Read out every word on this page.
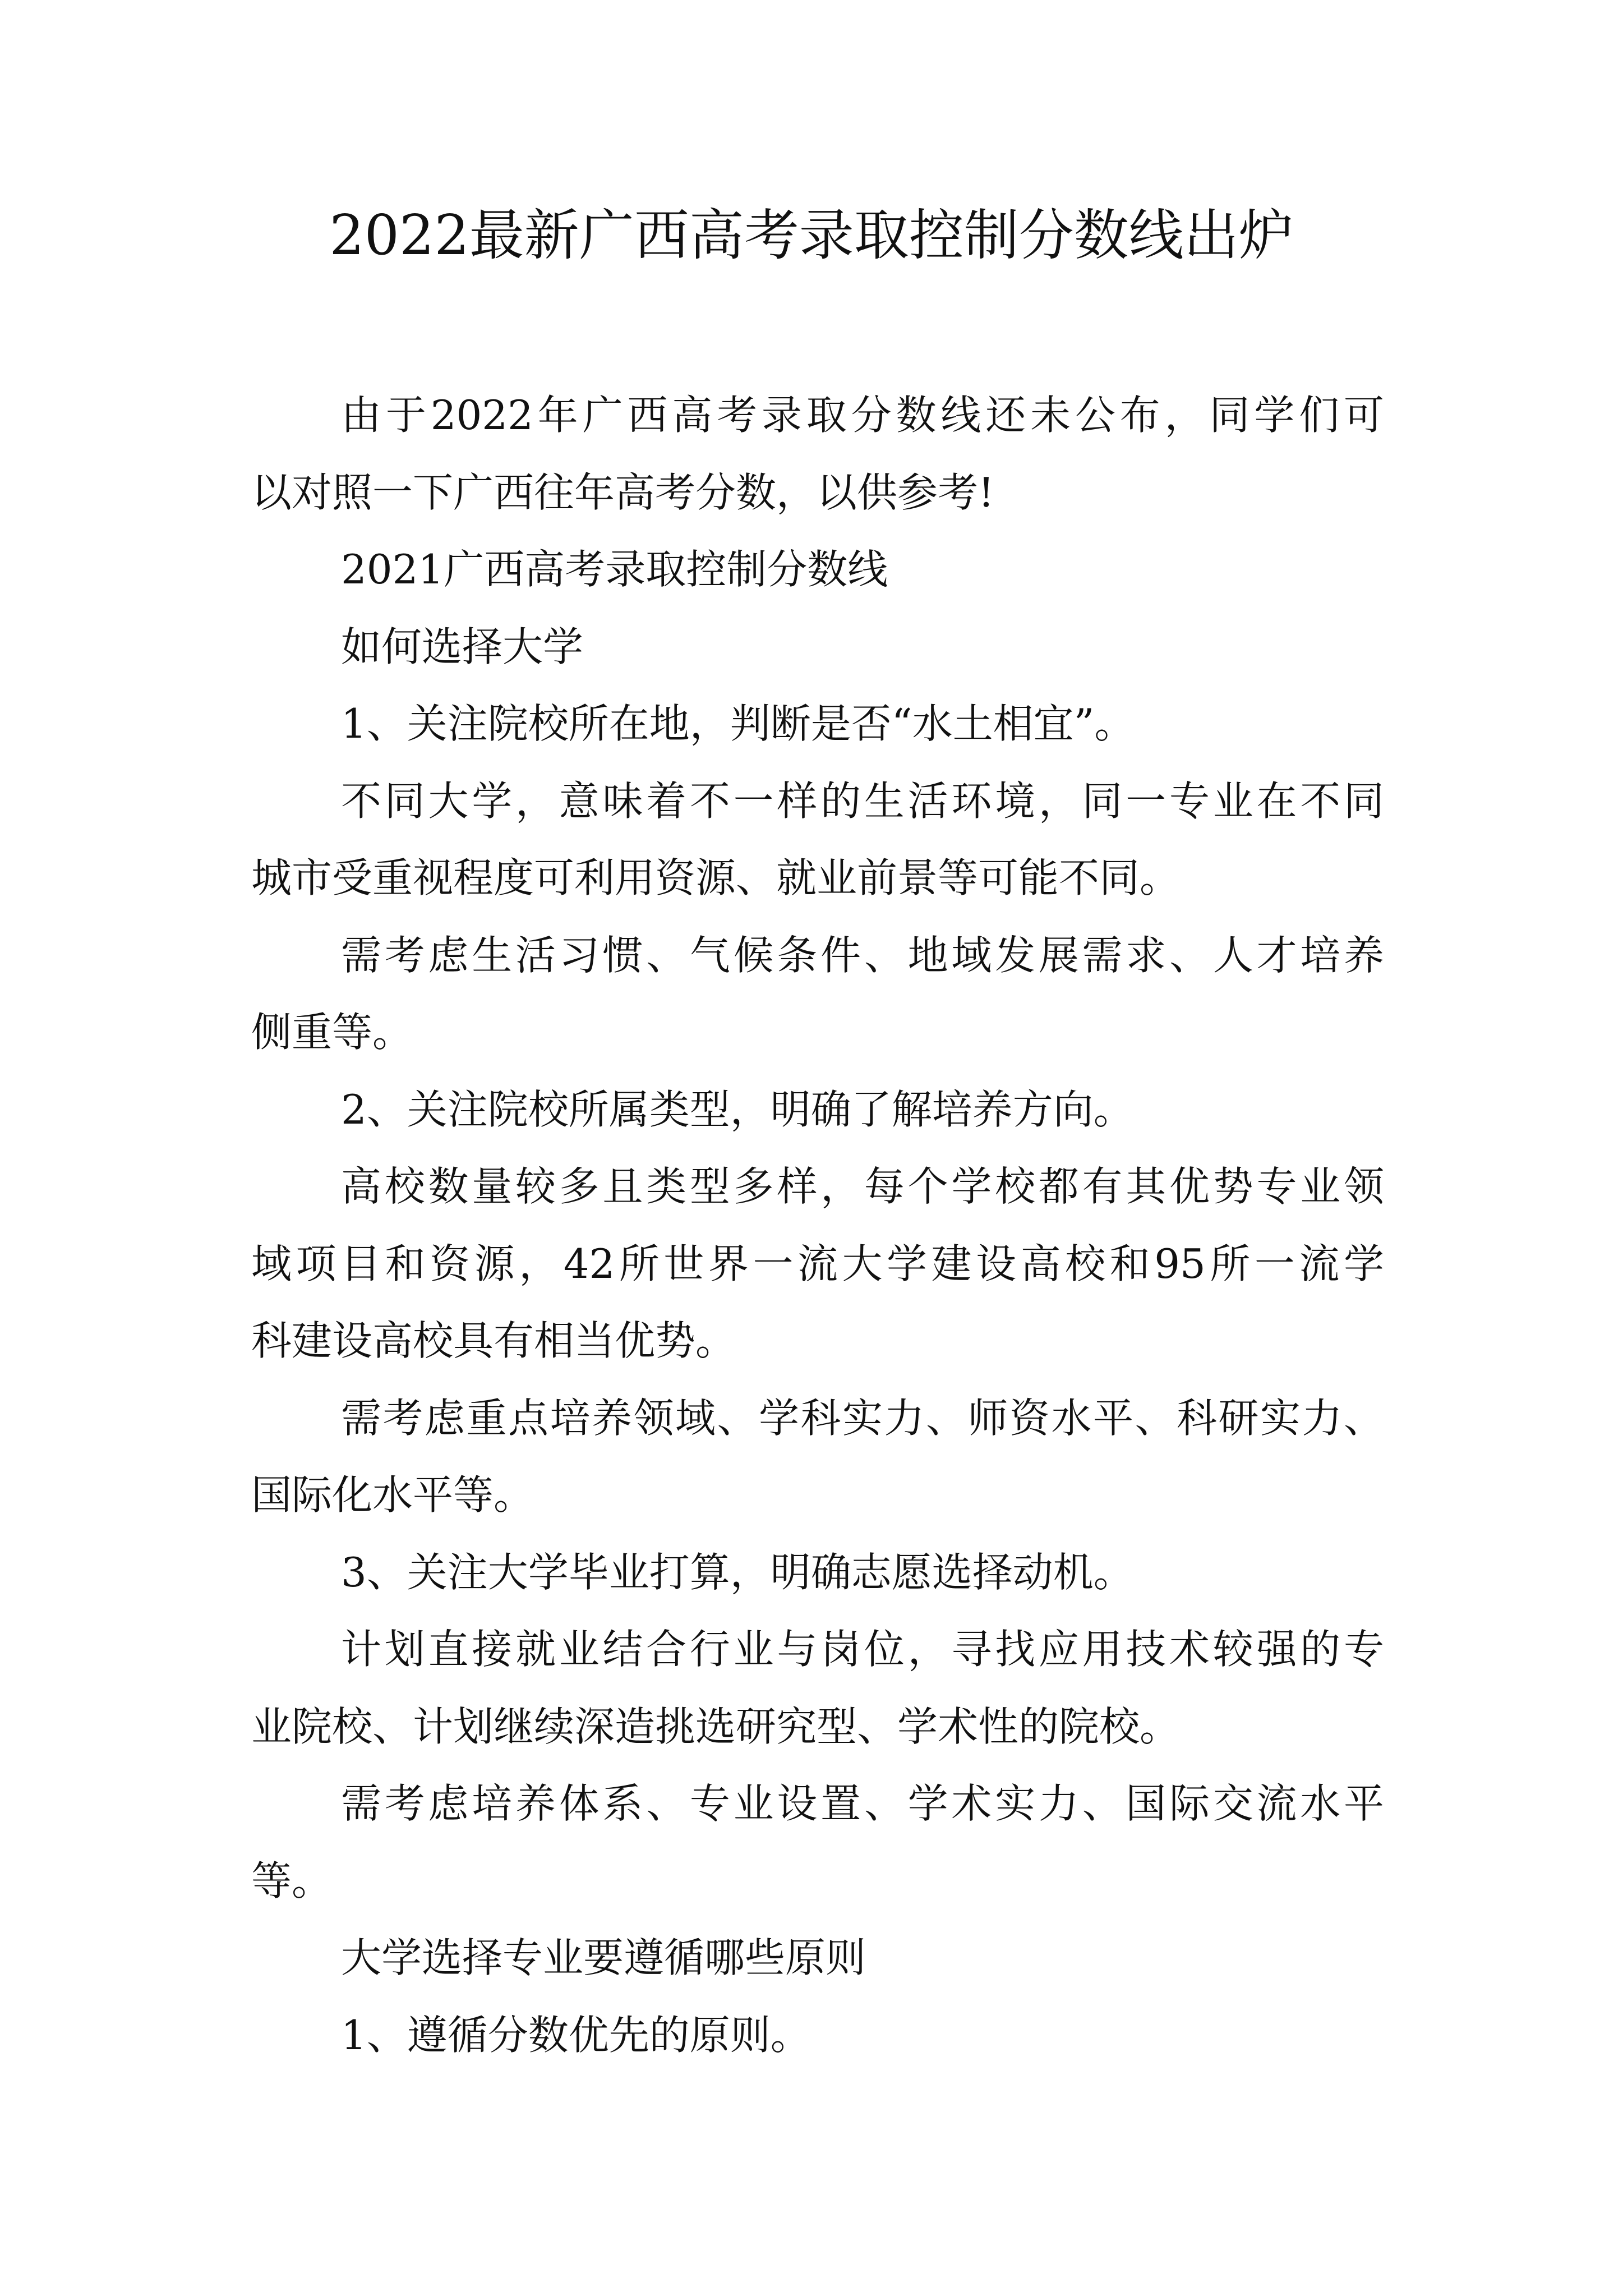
2022最新广西高考录取控制分数线出炉

由于2022年广西高考录取分数线还未公布，同学们可

以对照一下广西往年高考分数，以供参考!

2021广西高考录取控制分数线

如何选择大学

1、关注院校所在地，判断是否“水土相宜”。

不同大学，意味着不一样的生活环境，同一专业在不同

城市受重视程度可利用资源、就业前景等可能不同。

需考虑生活习惯、气候条件、地域发展需求、人才培养

侧重等。

2、关注院校所属类型，明确了解培养方向。

高校数量较多且类型多样，每个学校都有其优势专业领

域项目和资源，42所世界一流大学建设高校和95所一流学

科建设高校具有相当优势。

需考虑重点培养领域、学科实力、师资水平、科研实力、

国际化水平等。

3、关注大学毕业打算，明确志愿选择动机。

计划直接就业结合行业与岗位，寻找应用技术较强的专

业院校、计划继续深造挑选研究型、学术性的院校。

需考虑培养体系、专业设置、学术实力、国际交流水平

等。

大学选择专业要遵循哪些原则

1、遵循分数优先的原则。
